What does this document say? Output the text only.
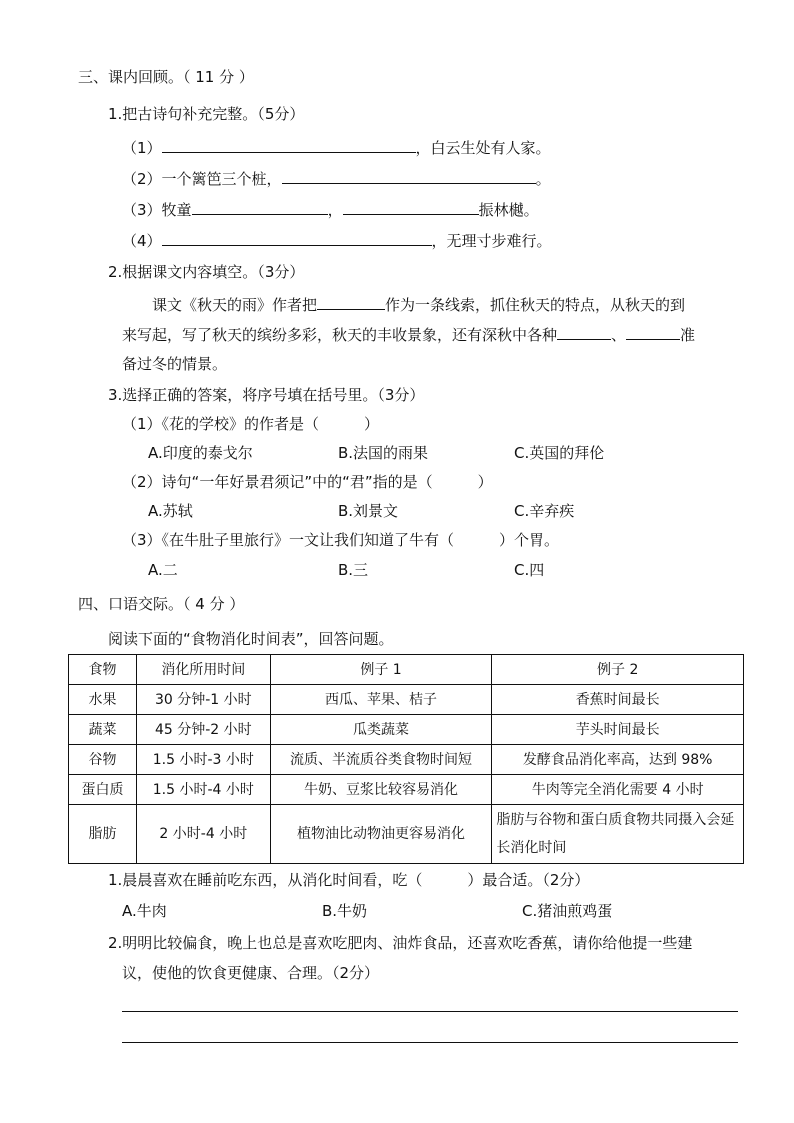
三、课内回顾。（ 11 分 ）
1.把古诗句补充完整。（5分）
（1）	，白云生处有人家。
（2）一个篱笆三个桩，	。
（3）牧童	，	振林樾。
（4）	，无理寸步难行。
2.根据课文内容填空。（3分）
课文《秋天的雨》作者把	作为一条线索，抓住秋天的特点，从秋天的到
来写起，写了秋天的缤纷多彩，秋天的丰收景象，还有深秋中各种	、	准
备过冬的情景。
3.选择正确的答案，将序号填在括号里。（3分）
（1）《花的学校》的作者是（　　　）
A.印度的泰戈尔	B.法国的雨果	C.英国的拜伦
（2）诗句“一年好景君须记”中的“君”指的是（　　　）
A.苏轼	B.刘景文	C.辛弃疾
（3）《在牛肚子里旅行》一文让我们知道了牛有（　　　）个胃。
A.二	B.三	C.四
四、口语交际。（ 4 分 ）
阅读下面的“食物消化时间表”，回答问题。
食物	消化所用时间	例子 1	例子 2
水果	30 分钟-1 小时	西瓜、苹果、桔子	香蕉时间最长
蔬菜	45 分钟-2 小时	瓜类蔬菜	芋头时间最长
谷物	1.5 小时-3 小时	流质、半流质谷类食物时间短	发酵食品消化率高，达到 98%
蛋白质	1.5 小时-4 小时	牛奶、豆浆比较容易消化	牛肉等完全消化需要 4 小时
脂肪	2 小时-4 小时	植物油比动物油更容易消化	脂肪与谷物和蛋白质食物共同摄入会延长消化时间
1.晨晨喜欢在睡前吃东西，从消化时间看，吃（　　　）最合适。（2分）
A.牛肉	B.牛奶	C.猪油煎鸡蛋
2.明明比较偏食，晚上也总是喜欢吃肥肉、油炸食品，还喜欢吃香蕉，请你给他提一些建
议，使他的饮食更健康、合理。（2分）
